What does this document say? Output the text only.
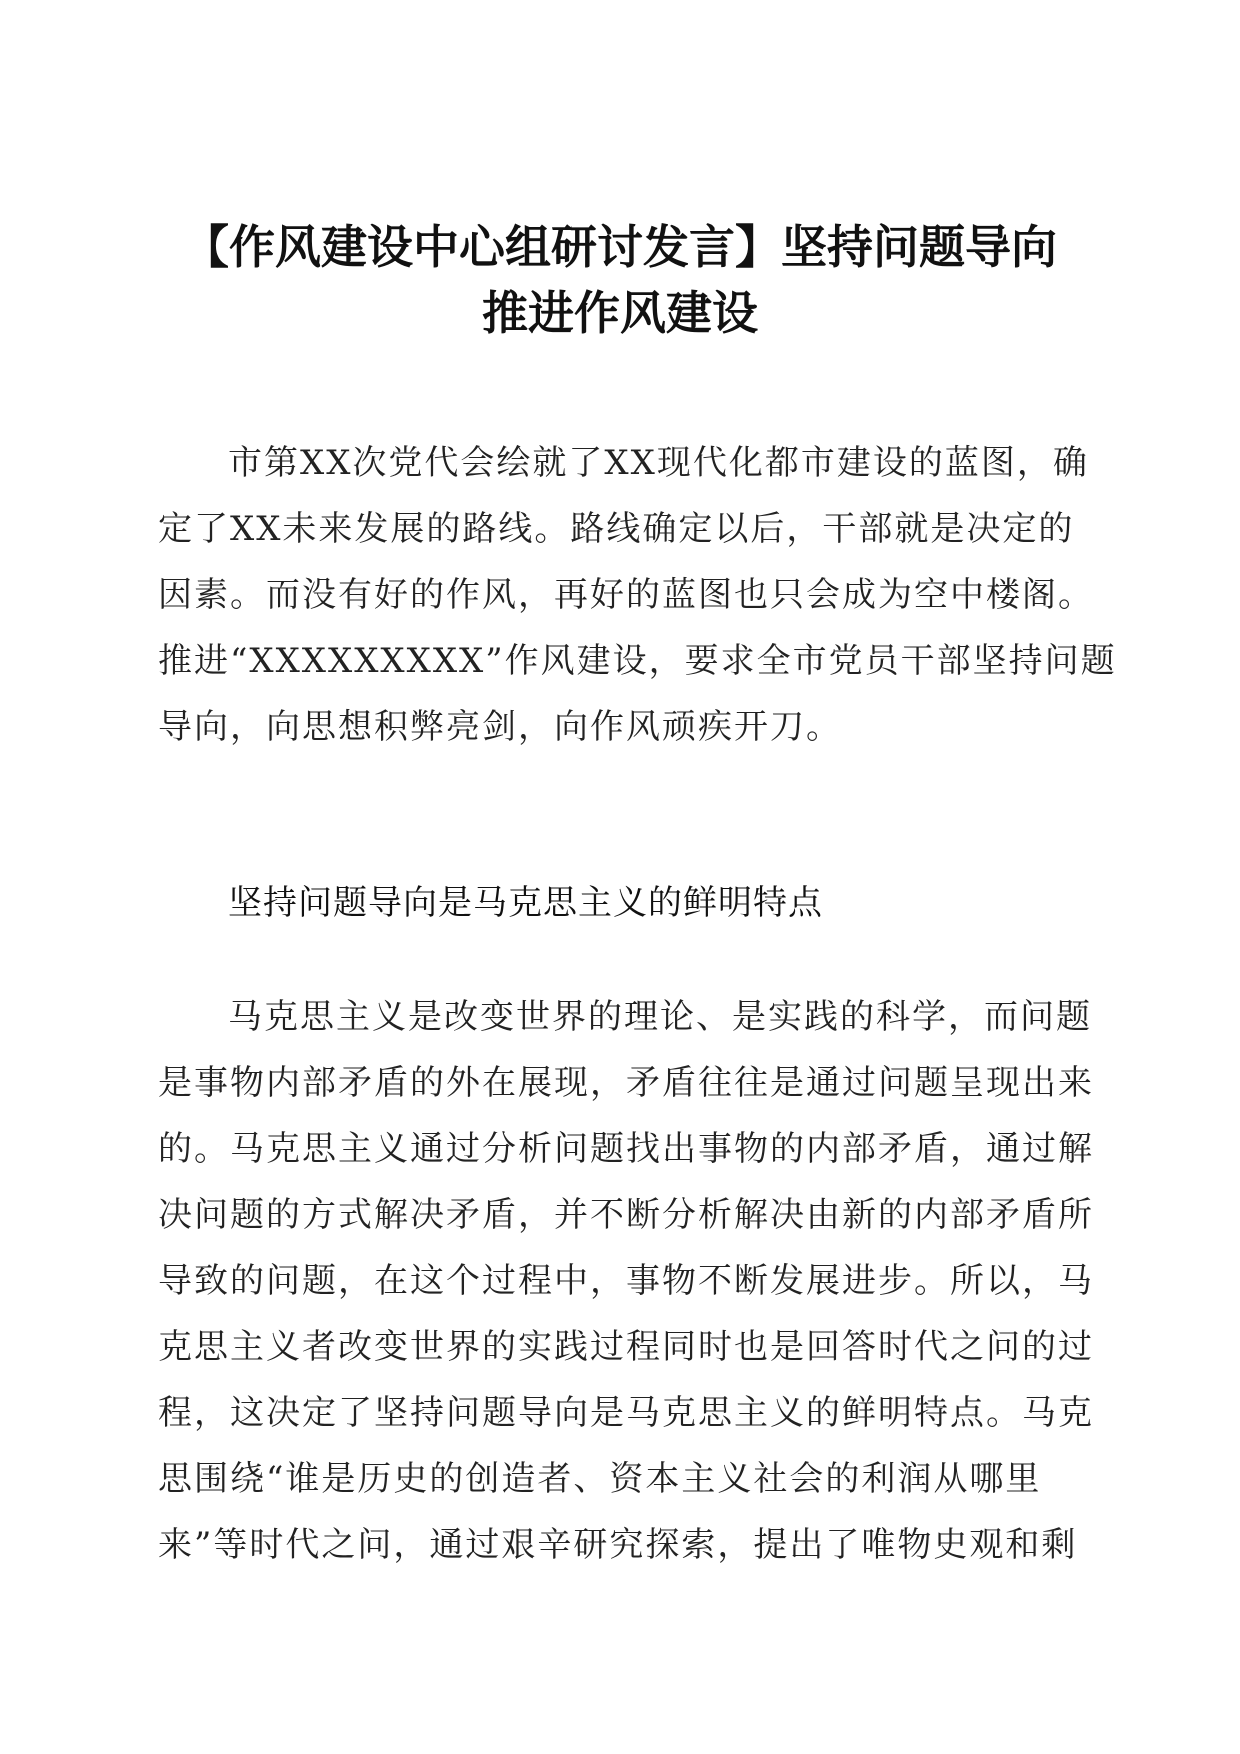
【作风建设中心组研讨发言】坚持问题导向
推进作风建设

市第XX次党代会绘就了XX现代化都市建设的蓝图，确
定了XX未来发展的路线。路线确定以后，干部就是决定的
因素。而没有好的作风，再好的蓝图也只会成为空中楼阁。
推进“XXXXXXXXX”作风建设，要求全市党员干部坚持问题
导向，向思想积弊亮剑，向作风顽疾开刀。

坚持问题导向是马克思主义的鲜明特点

马克思主义是改变世界的理论、是实践的科学，而问题
是事物内部矛盾的外在展现，矛盾往往是通过问题呈现出来
的。马克思主义通过分析问题找出事物的内部矛盾，通过解
决问题的方式解决矛盾，并不断分析解决由新的内部矛盾所
导致的问题，在这个过程中，事物不断发展进步。所以，马
克思主义者改变世界的实践过程同时也是回答时代之问的过
程，这决定了坚持问题导向是马克思主义的鲜明特点。马克
思围绕“谁是历史的创造者、资本主义社会的利润从哪里
来”等时代之问，通过艰辛研究探索，提出了唯物史观和剩
